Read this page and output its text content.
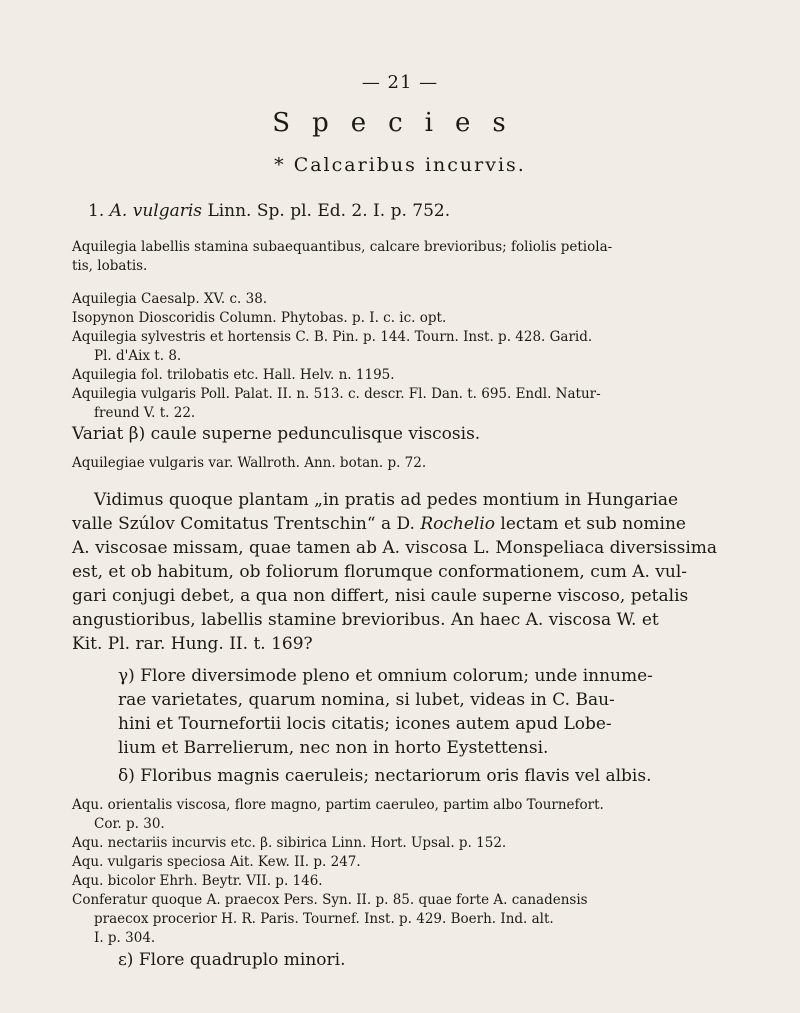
— 21 —
Species
* Calcaribus incurvis.
1. A. vulgaris Linn. Sp. pl. Ed. 2. I. p. 752.
Aquilegia labellis stamina subaequantibus, calcare brevioribus; foliolis petiola-
tis, lobatis.
Aquilegia Caesalp. XV. c. 38.
Isopynon Dioscoridis Column. Phytobas. p. I. c. ic. opt.
Aquilegia sylvestris et hortensis C. B. Pin. p. 144. Tourn. Inst. p. 428. Garid.
Pl. d'Aix t. 8.
Aquilegia fol. trilobatis etc. Hall. Helv. n. 1195.
Aquilegia vulgaris Poll. Palat. II. n. 513. c. descr. Fl. Dan. t. 695. Endl. Natur-
freund V. t. 22.
Variat β) caule superne pedunculisque viscosis.
Aquilegiae vulgaris var. Wallroth. Ann. botan. p. 72.
Vidimus quoque plantam „in pratis ad pedes montium in Hungariae
valle Szúlov Comitatus Trentschin“ a D. Rochelio lectam et sub nomine
A. viscosae missam, quae tamen ab A. viscosa L. Monspeliaca diversissima
est, et ob habitum, ob foliorum florumque conformationem, cum A. vul-
gari conjugi debet, a qua non differt, nisi caule superne viscoso, petalis
angustioribus, labellis stamine brevioribus. An haec A. viscosa W. et
Kit. Pl. rar. Hung. II. t. 169?
γ) Flore diversimode pleno et omnium colorum; unde innume-
rae varietates, quarum nomina, si lubet, videas in C. Bau-
hini et Tournefortii locis citatis; icones autem apud Lobe-
lium et Barrelierum, nec non in horto Eystettensi.
δ) Floribus magnis caeruleis; nectariorum oris flavis vel albis.
Aqu. orientalis viscosa, flore magno, partim caeruleo, partim albo Tournefort.
Cor. p. 30.
Aqu. nectariis incurvis etc. β. sibirica Linn. Hort. Upsal. p. 152.
Aqu. vulgaris speciosa Ait. Kew. II. p. 247.
Aqu. bicolor Ehrh. Beytr. VII. p. 146.
Conferatur quoque A. praecox Pers. Syn. II. p. 85. quae forte A. canadensis
praecox procerior H. R. Paris. Tournef. Inst. p. 429. Boerh. Ind. alt.
I. p. 304.
ε) Flore quadruplo minori.
